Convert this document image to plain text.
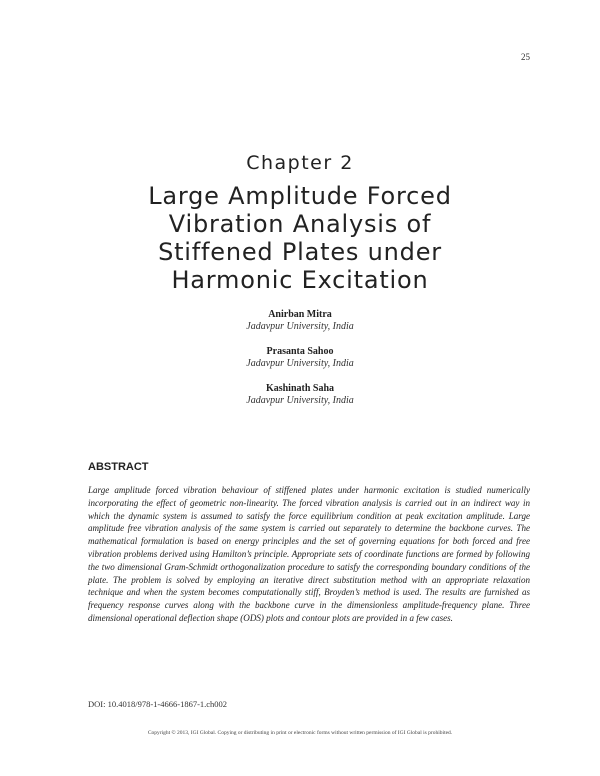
25
Chapter 2
Large Amplitude Forced
Vibration Analysis of
Stiffened Plates under
Harmonic Excitation
Anirban Mitra
Jadavpur University, India
Prasanta Sahoo
Jadavpur University, India
Kashinath Saha
Jadavpur University, India
ABSTRACT

Large amplitude forced vibration behaviour of stiffened plates under harmonic excitation is studied numerically incorporating the effect of geometric non-linearity. The forced vibration analysis is carried out in an indirect way in which the dynamic system is assumed to satisfy the force equilibrium condition at peak excitation amplitude. Large amplitude free vibration analysis of the same system is carried out separately to determine the backbone curves. The mathematical formulation is based on energy principles and the set of governing equations for both forced and free vibration problems derived using Hamilton’s principle. Appropriate sets of coordinate functions are formed by following the two dimensional Gram-Schmidt orthogonalization procedure to satisfy the corresponding boundary conditions of the plate. The problem is solved by employing an iterative direct substitution method with an appropriate relaxation technique and when the system becomes computationally stiff, Broyden’s method is used. The results are furnished as frequency response curves along with the backbone curve in the dimensionless amplitude-frequency plane. Three dimensional operational deflection shape (ODS) plots and contour plots are provided in a few cases.

DOI: 10.4018/978-1-4666-1867-1.ch002
Copyright © 2013, IGI Global. Copying or distributing in print or electronic forms without written permission of IGI Global is prohibited.
